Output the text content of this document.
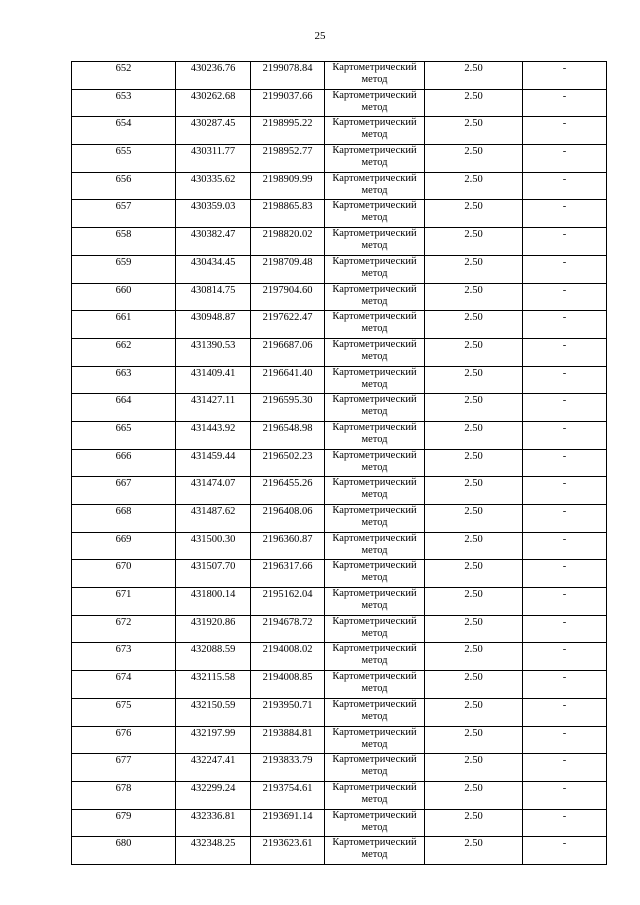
25
652	430236.76	2199078.84	Картометрический метод	2.50	-
653	430262.68	2199037.66	Картометрический метод	2.50	-
654	430287.45	2198995.22	Картометрический метод	2.50	-
655	430311.77	2198952.77	Картометрический метод	2.50	-
656	430335.62	2198909.99	Картометрический метод	2.50	-
657	430359.03	2198865.83	Картометрический метод	2.50	-
658	430382.47	2198820.02	Картометрический метод	2.50	-
659	430434.45	2198709.48	Картометрический метод	2.50	-
660	430814.75	2197904.60	Картометрический метод	2.50	-
661	430948.87	2197622.47	Картометрический метод	2.50	-
662	431390.53	2196687.06	Картометрический метод	2.50	-
663	431409.41	2196641.40	Картометрический метод	2.50	-
664	431427.11	2196595.30	Картометрический метод	2.50	-
665	431443.92	2196548.98	Картометрический метод	2.50	-
666	431459.44	2196502.23	Картометрический метод	2.50	-
667	431474.07	2196455.26	Картометрический метод	2.50	-
668	431487.62	2196408.06	Картометрический метод	2.50	-
669	431500.30	2196360.87	Картометрический метод	2.50	-
670	431507.70	2196317.66	Картометрический метод	2.50	-
671	431800.14	2195162.04	Картометрический метод	2.50	-
672	431920.86	2194678.72	Картометрический метод	2.50	-
673	432088.59	2194008.02	Картометрический метод	2.50	-
674	432115.58	2194008.85	Картометрический метод	2.50	-
675	432150.59	2193950.71	Картометрический метод	2.50	-
676	432197.99	2193884.81	Картометрический метод	2.50	-
677	432247.41	2193833.79	Картометрический метод	2.50	-
678	432299.24	2193754.61	Картометрический метод	2.50	-
679	432336.81	2193691.14	Картометрический метод	2.50	-
680	432348.25	2193623.61	Картометрический метод	2.50	-
